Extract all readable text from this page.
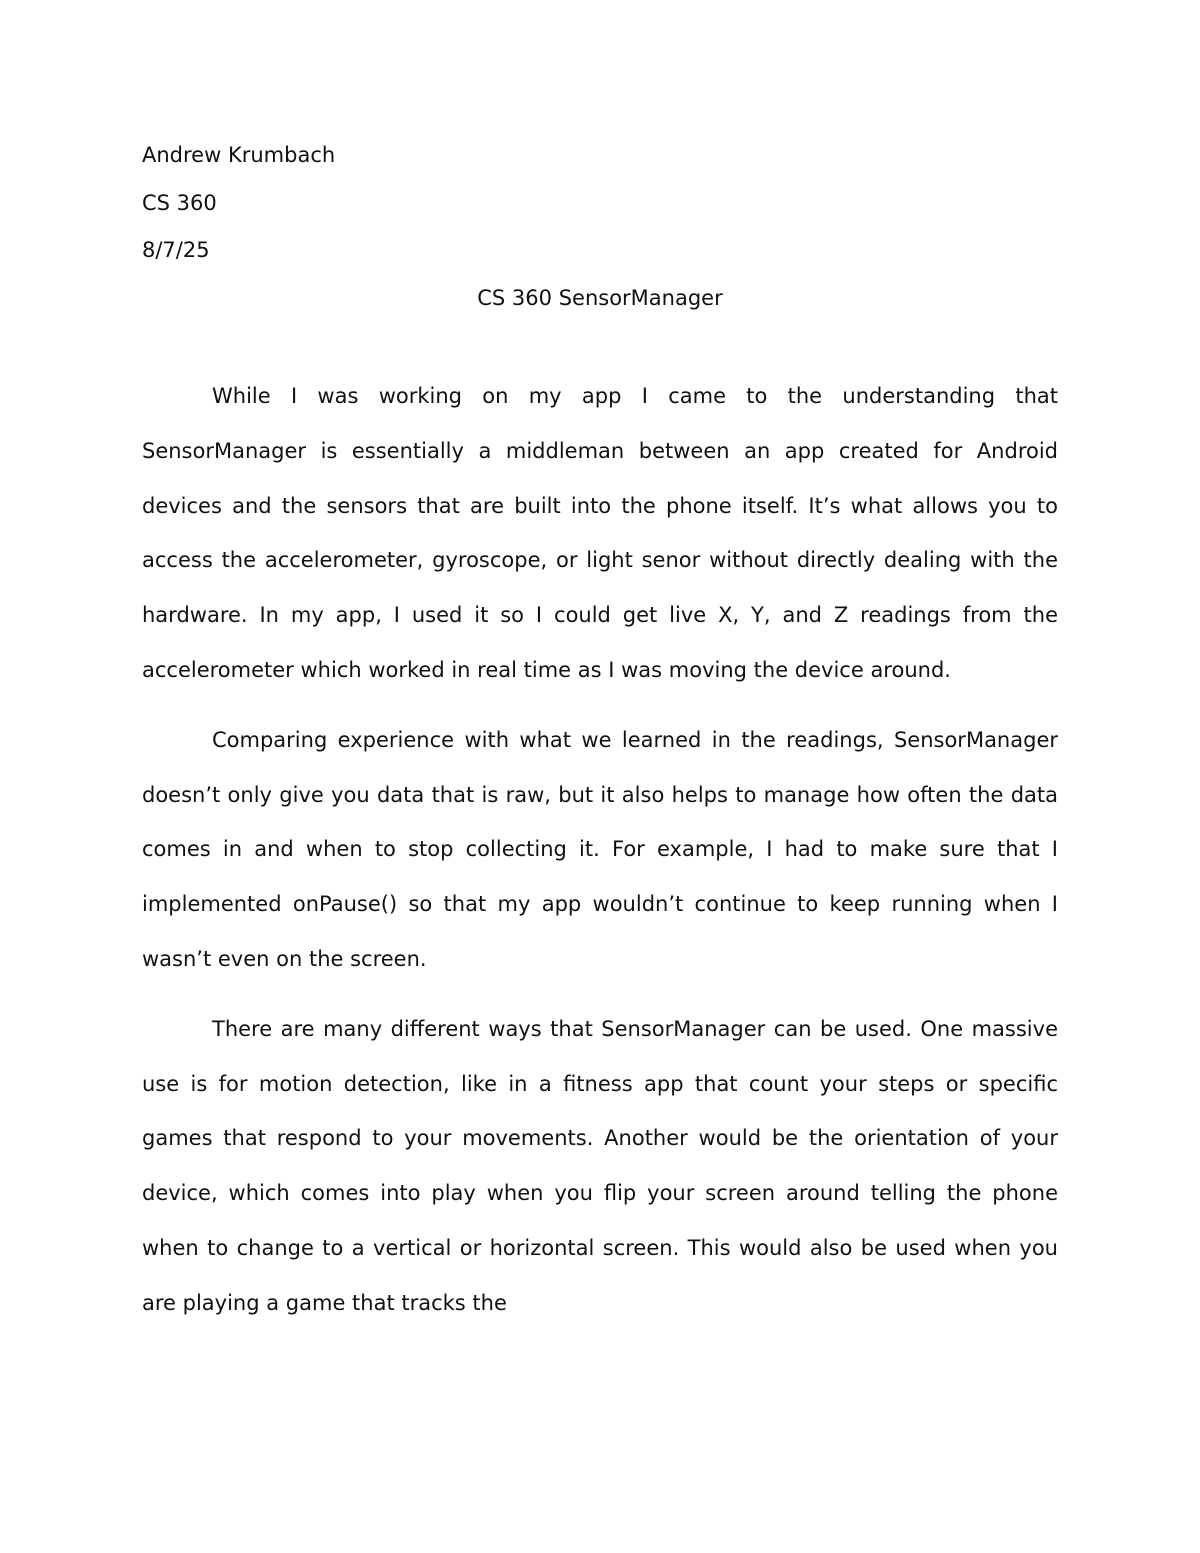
Andrew Krumbach

CS 360

8/7/25

CS 360 SensorManager

While I was working on my app I came to the understanding that SensorManager is essentially a middleman between an app created for Android devices and the sensors that are built into the phone itself. It’s what allows you to access the accelerometer, gyroscope, or light senor without directly dealing with the hardware. In my app, I used it so I could get live X, Y, and Z readings from the accelerometer which worked in real time as I was moving the device around.

Comparing experience with what we learned in the readings, SensorManager doesn’t only give you data that is raw, but it also helps to manage how often the data comes in and when to stop collecting it. For example, I had to make sure that I implemented onPause() so that my app wouldn’t continue to keep running when I wasn’t even on the screen.

There are many different ways that SensorManager can be used. One massive use is for motion detection, like in a fitness app that count your steps or specific games that respond to your movements. Another would be the orientation of your device, which comes into play when you flip your screen around telling the phone when to change to a vertical or horizontal screen. This would also be used when you are playing a game that tracks the
